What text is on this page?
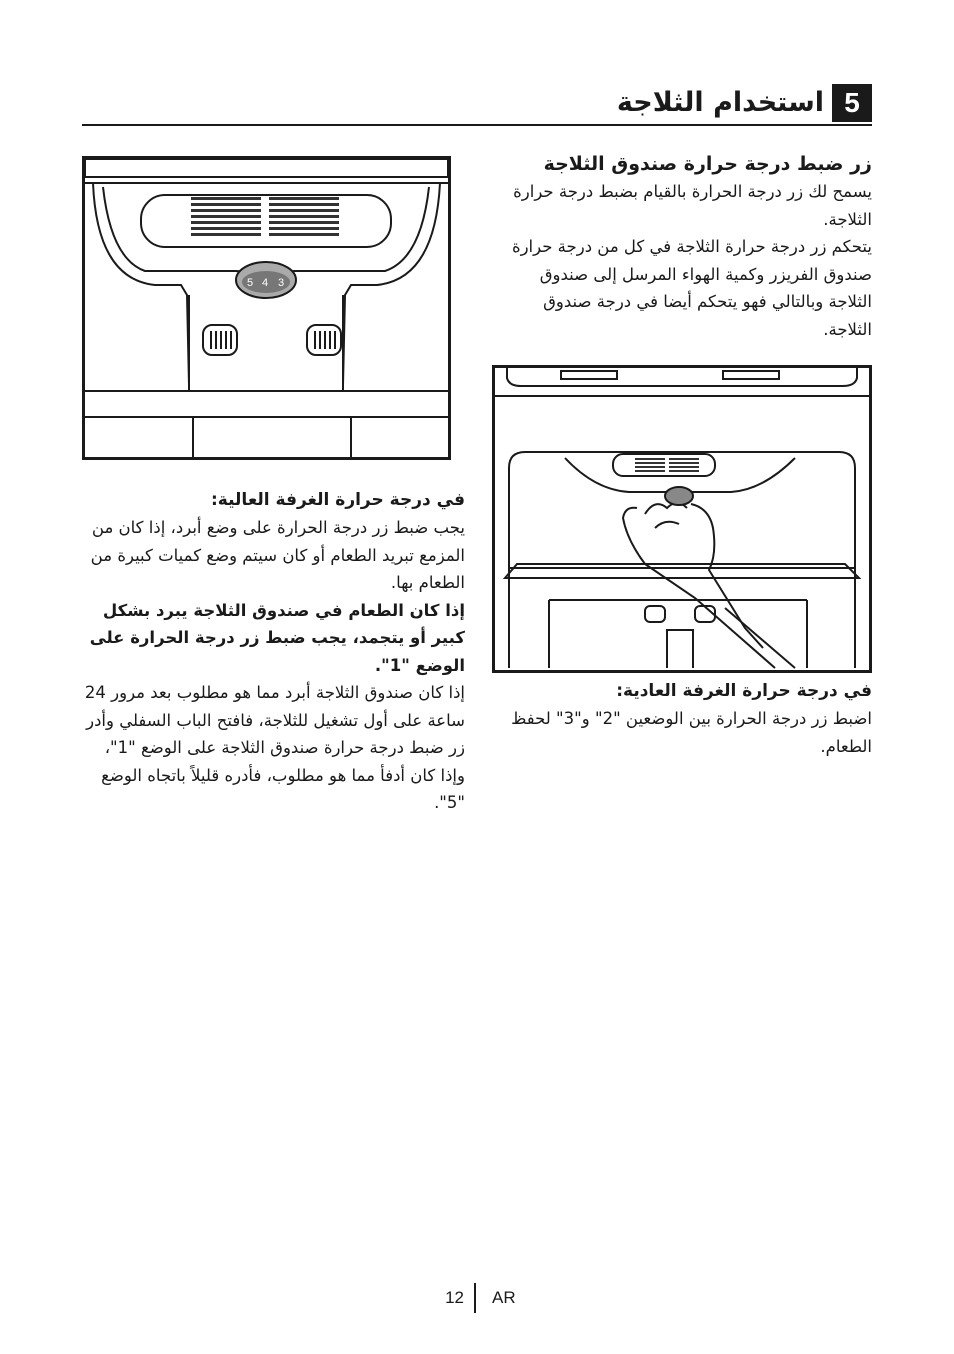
5
استخدام الثلاجة
زر ضبط درجة حرارة صندوق الثلاجة

يسمح لك زر درجة الحرارة بالقيام بضبط درجة حرارة الثلاجة.

يتحكم زر درجة حرارة الثلاجة في كل من درجة حرارة صندوق الفريزر وكمية الهواء المرسل إلى صندوق الثلاجة وبالتالي فهو يتحكم أيضا في درجة صندوق الثلاجة.

5 4 3
في درجة حرارة الغرفة العادية:

اضبط زر درجة الحرارة بين الوضعين "2" و"3" لحفظ الطعام.

في درجة حرارة الغرفة العالية:

يجب ضبط زر درجة الحرارة على وضع أبرد، إذا كان من المزمع تبريد الطعام أو كان سيتم وضع كميات كبيرة من الطعام بها.

إذا كان الطعام في صندوق الثلاجة يبرد بشكل كبير أو يتجمد، يجب ضبط زر درجة الحرارة على الوضع "1".

إذا كان صندوق الثلاجة أبرد مما هو مطلوب بعد مرور 24 ساعة على أول تشغيل للثلاجة، فافتح الباب السفلي وأدر زر ضبط درجة حرارة صندوق الثلاجة على الوضع "1"، وإذا كان أدفأ مما هو مطلوب، فأدره قليلاً باتجاه الوضع "5".

12 AR
